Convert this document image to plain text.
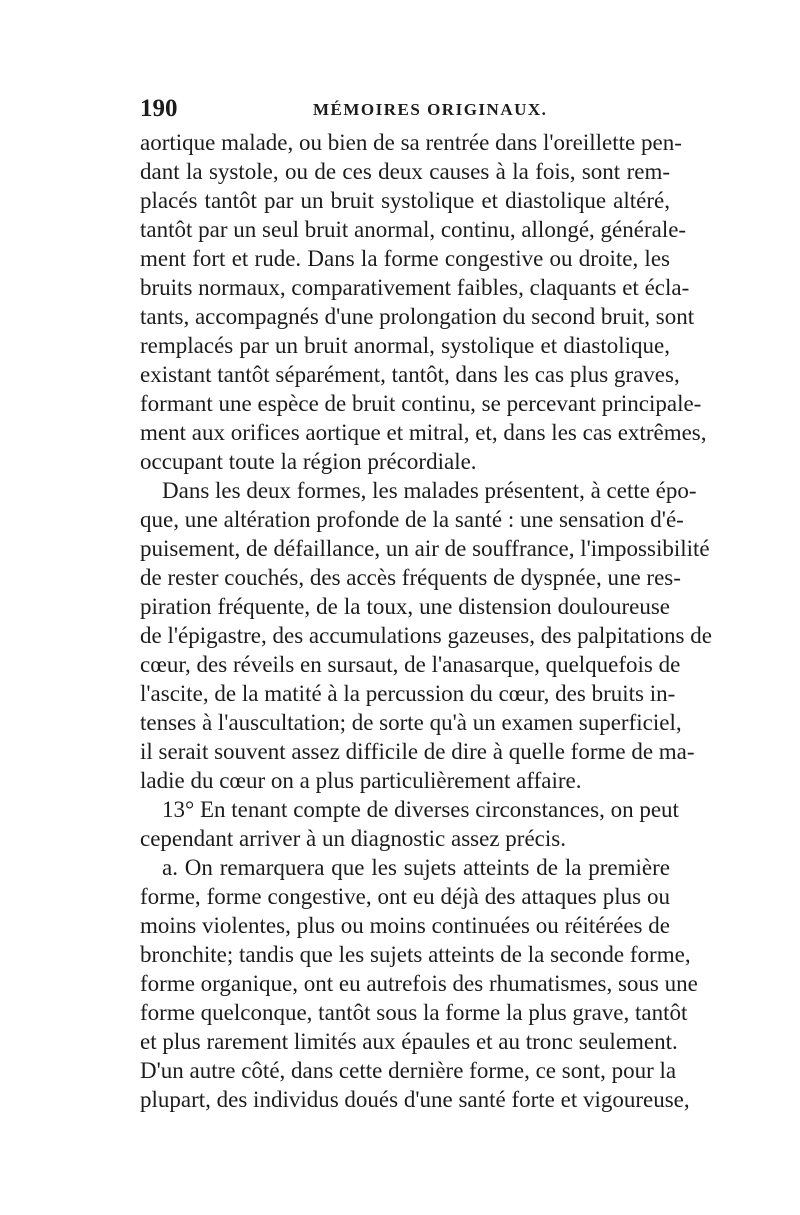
190	MÉMOIRES ORIGINAUX.
aortique malade, ou bien de sa rentrée dans l'oreillette pen-
dant la systole, ou de ces deux causes à la fois, sont rem-
placés tantôt par un bruit systolique et diastolique altéré,
tantôt par un seul bruit anormal, continu, allongé, générale-
ment fort et rude. Dans la forme congestive ou droite, les
bruits normaux, comparativement faibles, claquants et écla-
tants, accompagnés d'une prolongation du second bruit, sont
remplacés par un bruit anormal, systolique et diastolique,
existant tantôt séparément, tantôt, dans les cas plus graves,
formant une espèce de bruit continu, se percevant principale-
ment aux orifices aortique et mitral, et, dans les cas extrêmes,
occupant toute la région précordiale.
Dans les deux formes, les malades présentent, à cette épo-
que, une altération profonde de la santé : une sensation d'é-
puisement, de défaillance, un air de souffrance, l'impossibilité
de rester couchés, des accès fréquents de dyspnée, une res-
piration fréquente, de la toux, une distension douloureuse
de l'épigastre, des accumulations gazeuses, des palpitations de
cœur, des réveils en sursaut, de l'anasarque, quelquefois de
l'ascite, de la matité à la percussion du cœur, des bruits in-
tenses à l'auscultation; de sorte qu'à un examen superficiel,
il serait souvent assez difficile de dire à quelle forme de ma-
ladie du cœur on a plus particulièrement affaire.
13° En tenant compte de diverses circonstances, on peut
cependant arriver à un diagnostic assez précis.
a. On remarquera que les sujets atteints de la première
forme, forme congestive, ont eu déjà des attaques plus ou
moins violentes, plus ou moins continuées ou réitérées de
bronchite; tandis que les sujets atteints de la seconde forme,
forme organique, ont eu autrefois des rhumatismes, sous une
forme quelconque, tantôt sous la forme la plus grave, tantôt
et plus rarement limités aux épaules et au tronc seulement.
D'un autre côté, dans cette dernière forme, ce sont, pour la
plupart, des individus doués d'une santé forte et vigoureuse,
